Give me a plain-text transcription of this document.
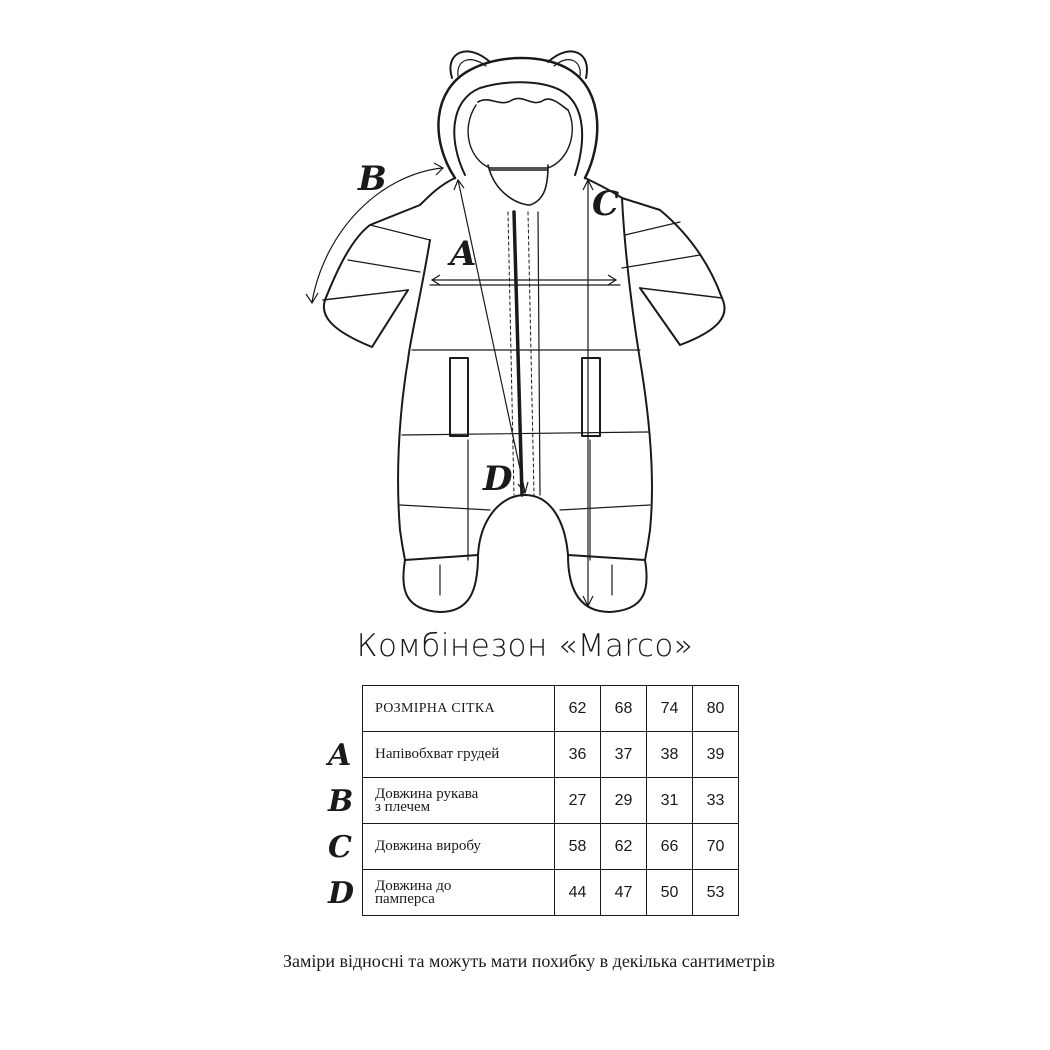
B
A
C
D
Комбінезон «Marco»
A
B
C
D
РОЗМІРНА СІТКА	62	68	74	80
Напівобхват грудей	36	37	38	39
Довжина рукава
з плечем	27	29	31	33
Довжина виробу	58	62	66	70
Довжина до
памперса	44	47	50	53
Заміри відносні та можуть мати похибку в декілька сантиметрів
